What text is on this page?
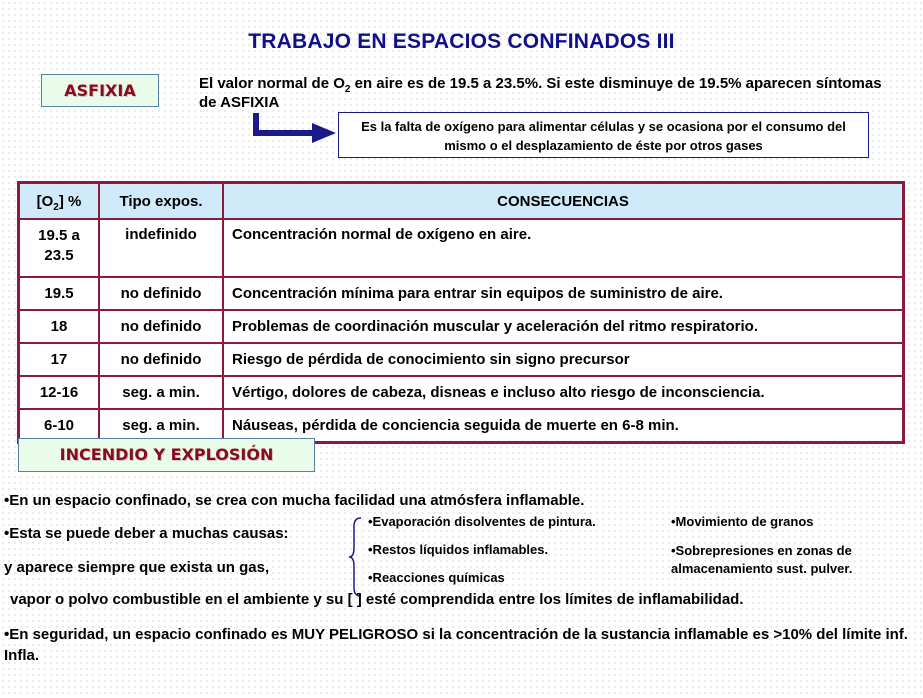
TRABAJO EN ESPACIOS CONFINADOS III
ASFIXIA	El valor normal de $O_2$ en aire es de 19.5 a 23.5%. Si este disminuye de 19.5% aparecen síntomas de ASFIXIA
Es la falta de oxígeno para alimentar células y se ocasiona por el consumo del mismo o el desplazamiento de éste por otros gases
$[O_2]$ %	Tipo expos.	CONSECUENCIAS
19.5 a 23.5	indefinido	Concentración normal de oxígeno en aire.
19.5	no definido	Concentración mínima para entrar sin equipos de suministro de aire.
18	no definido	Problemas de coordinación muscular y aceleración del ritmo respiratorio.
17	no definido	Riesgo de pérdida de conocimiento sin signo precursor
12-16	seg. a min.	Vértigo, dolores de cabeza, disneas e incluso alto riesgo de inconsciencia.
6-10	seg. a min.	Náuseas, pérdida de conciencia seguida de muerte en 6-8 min.
INCENDIO Y EXPLOSIÓN
•En un espacio confinado, se crea con mucha facilidad una atmósfera inflamable.
•Esta se puede deber a muchas causas:
y aparece siempre que exista un gas,
•Evaporación disolventes de pintura.
•Restos líquidos inflamables.
•Reacciones químicas
•Movimiento de granos
•Sobrepresiones en zonas de almacenamiento sust. pulver.
vapor o polvo combustible en el ambiente y su [ ] esté comprendida entre los límites de inflamabilidad.
•En seguridad, un espacio confinado es MUY PELIGROSO si la concentración de la sustancia inflamable es >10% del límite inf. Infla.
